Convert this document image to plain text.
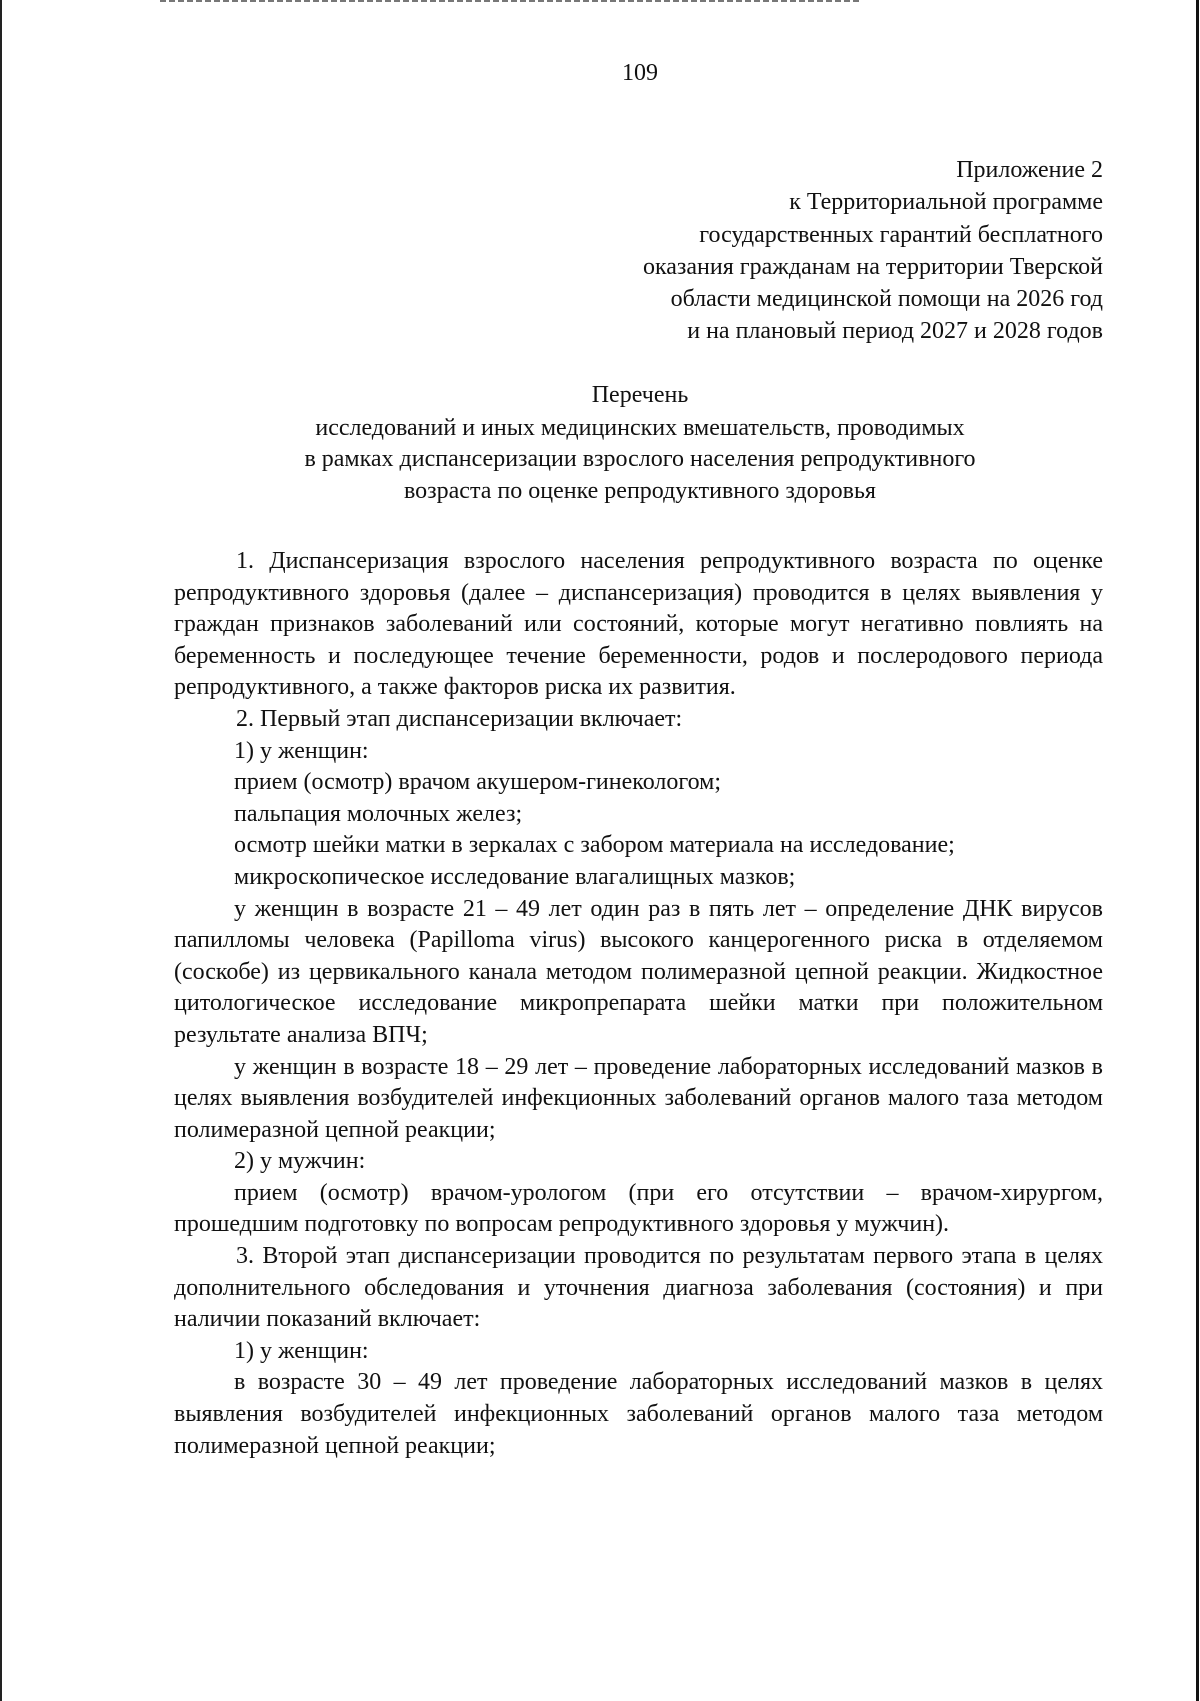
109
Приложение 2
к Территориальной программе
государственных гарантий бесплатного
оказания гражданам на территории Тверской
области медицинской помощи на 2026 год
и на плановый период 2027 и 2028 годов
Перечень
исследований и иных медицинских вмешательств, проводимых
в рамках диспансеризации взрослого населения репродуктивного
возраста по оценке репродуктивного здоровья

1. Диспансеризация взрослого населения репродуктивного возраста по оценке репродуктивного здоровья (далее – диспансеризация) проводится в целях выявления у граждан признаков заболеваний или состояний, которые могут негативно повлиять на беременность и последующее течение беременности, родов и послеродового периода репродуктивного, а также факторов риска их развития.

2. Первый этап диспансеризации включает:

1) у женщин:

прием (осмотр) врачом акушером-гинекологом;

пальпация молочных желез;

осмотр шейки матки в зеркалах с забором материала на исследование;

микроскопическое исследование влагалищных мазков;

у женщин в возрасте 21 – 49 лет один раз в пять лет – определение ДНК вирусов папилломы человека (Papilloma virus) высокого канцерогенного риска в отделяемом (соскобе) из цервикального канала методом полимеразной цепной реакции. Жидкостное цитологическое исследование микропрепарата шейки матки при положительном результате анализа ВПЧ;

у женщин в возрасте 18 – 29 лет – проведение лабораторных исследований мазков в целях выявления возбудителей инфекционных заболеваний органов малого таза методом полимеразной цепной реакции;

2) у мужчин:

прием (осмотр) врачом-урологом (при его отсутствии – врачом-хирургом, прошедшим подготовку по вопросам репродуктивного здоровья у мужчин).

3. Второй этап диспансеризации проводится по результатам первого этапа в целях дополнительного обследования и уточнения диагноза заболевания (состояния) и при наличии показаний включает:

1) у женщин:

в возрасте 30 – 49 лет проведение лабораторных исследований мазков в целях выявления возбудителей инфекционных заболеваний органов малого таза методом полимеразной цепной реакции;
